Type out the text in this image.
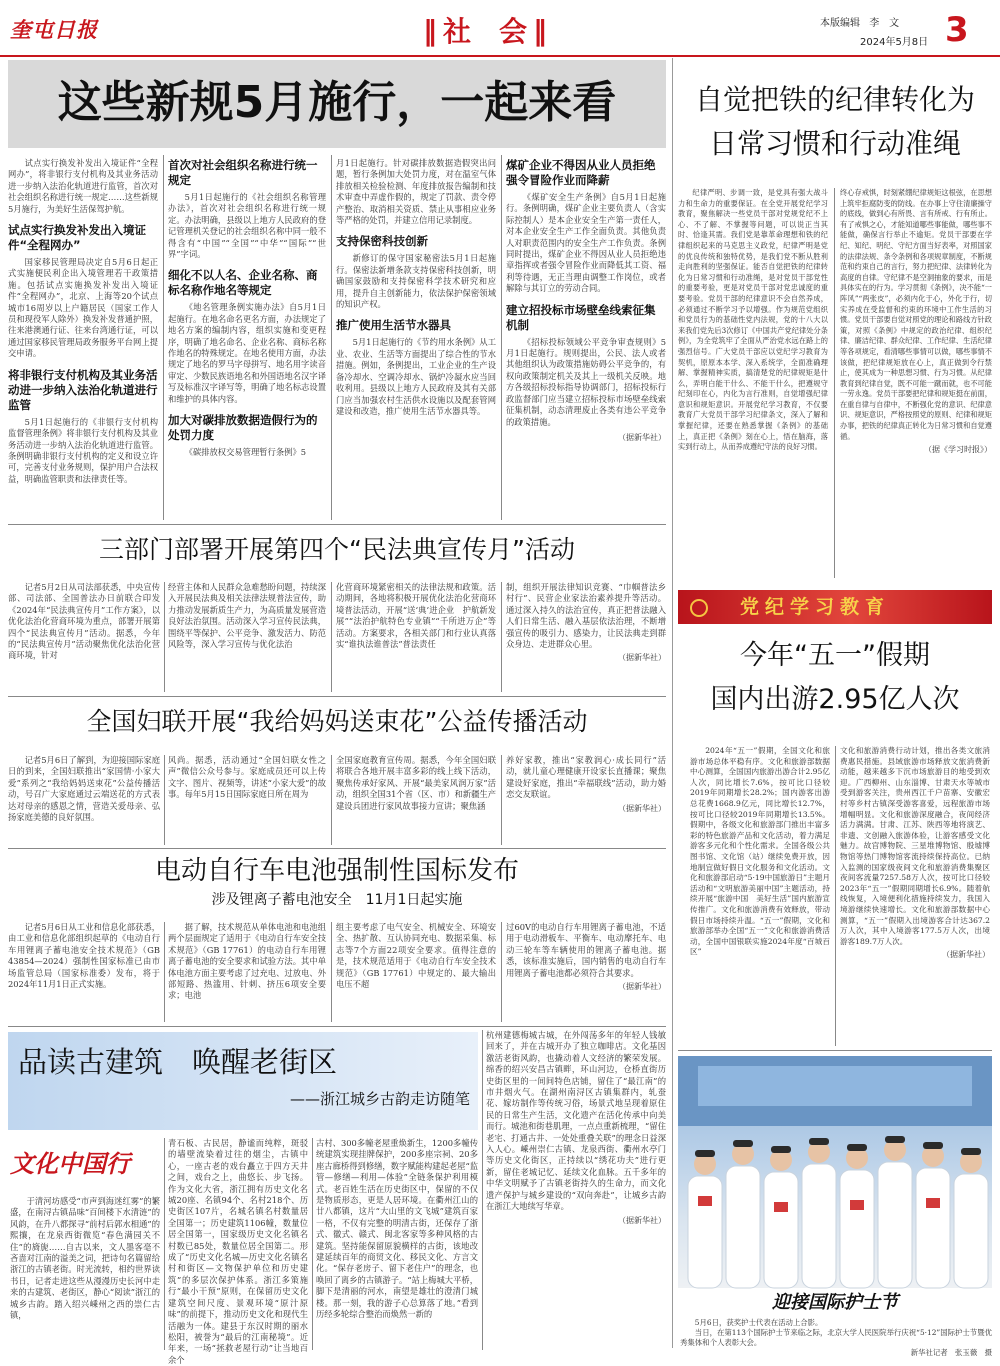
奎屯日报	‖ 社　会 ‖	本版编辑 李　文
2024年5月8日 3
这些新规5月施行，一起来看

试点实行换发补发出入境证件“全程网办”，将非银行支付机构及其业务活动进一步纳入法治化轨道进行监管，首次对社会组织名称进行统一规定……这些新规5月施行，为美好生活保驾护航。

试点实行换发补发出入境证件“全程网办”

国家移民管理局决定自5月6日起正式实施便民利企出入境管理若干政策措施。包括试点实施换发补发出入境证件“全程网办”，北京、上海等20个试点城市16周岁以上户籍居民（国家工作人员和现役军人除外）换发补发普通护照，往来港澳通行证、往来台湾通行证，可以通过国家移民管理局政务服务平台网上提交申请。

将非银行支付机构及其业务活动进一步纳入法治化轨道进行监管

5月1日起施行的《非银行支付机构监督管理条例》将非银行支付机构及其业务活动进一步纳入法治化轨道进行监管。条例明确非银行支付机构的定义和设立许可，完善支付业务规则，保护用户合法权益，明确监管职责和法律责任等。

首次对社会组织名称进行统一规定

5月1日起施行的《社会组织名称管理办法》，首次对社会组织名称进行统一规定。办法明确，县级以上地方人民政府的登记管理机关登记的社会组织名称中同一般不得含有“中国”“全国”“中华”“国际”“世界”字词。

细化不以人名、企业名称、商标名称作地名等规定

《地名管理条例实施办法》自5月1日起施行。在地名命名更名方面，办法规定了地名方案的编制内容，组织实施和变更程序，明确了地名命名、企业名称、商标名称作地名的特殊规定。在地名使用方面，办法规定了地名的罗马字母拼写、地名用字读音审定、少数民族语地名和外国语地名汉字译写及标准汉字译写等，明确了地名标志设置和维护的具体内容。

加大对碳排放数据造假行为的处罚力度

《碳排放权交易管理暂行条例》5

月1日起施行。针对碳排放数据造假突出问题，暂行条例加大处罚力度，对在温室气体排放相关检验检测、年度排放报告编制和技术审查中弄虚作假的，规定了罚款、责令停产整治、取消相关资质、禁止从事相应业务等严格的处罚，并建立信用记录制度。

支持保密科技创新

新修订的保守国家秘密法5月1日起施行。保密法新增条款支持保密科技创新，明确国家鼓励和支持保密科学技术研究和应用，提升自主创新能力，依法保护保密领域的知识产权。

推广使用生活节水器具

5月1日起施行的《节约用水条例》从工业、农业、生活等方面提出了综合性的节水措施。例如，条例提出，工业企业的生产设备冷却水、空调冷却水、锅炉冷凝水应当回收利用。县级以上地方人民政府及其有关部门应当加强农村生活供水设施以及配套管网建设和改造，推广使用生活节水器具等。

煤矿企业不得因从业人员拒绝强令冒险作业而降薪

《煤矿安全生产条例》自5月1日起施行。条例明确，煤矿企业主要负责人（含实际控制人）是本企业安全生产第一责任人，对本企业安全生产工作全面负责。其他负责人对职责范围内的安全生产工作负责。条例同时提出，煤矿企业不得因从业人员拒绝违章指挥或者强令冒险作业而降低其工资、福利等待遇，无正当理由调整工作岗位，或者解除与其订立的劳动合同。

建立招投标市场壁垒线索征集机制

《招标投标领域公平竞争审查规则》5月1日起施行。规则提出，公民、法人或者其他组织认为政策措施妨碍公平竞争的，有权向政策制定机关及其上一级机关反映。地方各级招标投标指导协调部门，招标投标行政监督部门应当建立招标投标市场壁垒线索征集机制，动态清理废止各类有违公平竞争的政策措施。

（据新华社）

自觉把铁的纪律转化为
日常习惯和行动准绳

纪律严明、步调一致，是党具有强大战斗力和生命力的重要保证。在全党开展党纪学习教育，聚焦解决一些党员干部对党规党纪不上心、不了解、不掌握等问题，可以说正当其时、恰逢其需。我们党是靠革命理想和铁的纪律组织起来的马克思主义政党，纪律严明是党的优良传统和独特优势，是我们党不断从胜利走向胜利的坚强保证。能否自觉把铁的纪律转化为日常习惯和行动准绳，是对党员干部党性的重要考验，更是对党员干部对党忠诚度的重要考验。党员干部的纪律意识不会自然养成，必须通过不断学习予以增强。作为规范党组织和党员行为的基础性党内法规，党的十八大以来我们党先后3次修订《中国共产党纪律处分条例》，为全党筑牢了全面从严治党水远在路上的强烈信号。广大党员干部应以党纪学习教育为契机，原原本本学、深入系统学，全面准确理解、掌握精神实质，搞清楚党的纪律规矩是什么，弄明白能干什么、不能干什么，把遵规守纪刻印在心，内化为言行准则，自觉增强纪律意识和规矩意识。开展党纪学习教育，不仅要教育广大党员干部学习纪律条文，深入了解和掌握纪律，还要在熟悉掌握《条例》的基础上，真正把《条例》刻在心上，悟在脑海，落实到行动上，从而养成遵纪守法的良好习惯。

终心存戒惧，时刻紧绷纪律规矩这根弦，在思想上筑牢拒腐防变的防线。在办事上守住清廉操守的底线，做到心有所畏、言有所戒、行有所止。有了戒惧之心，才能知道哪些事能做，哪些事不能做，确保言行举止不逾矩。党员干部要在学纪、知纪、明纪、守纪方面当好表率，对照国家的法律法规、条令条例和各项规章制度，不断规范和约束自己的言行，努力把纪律、法律转化为高度的自律。守纪律不是空洞抽象的要求，而是具体实在的行为。学习贯彻《条例》，决不能“一阵风”“两张皮”，必须内化于心，外化于行，切实养成在受监督和约束的环境中工作生活的习惯。党员干部要自觉对照党的理论和路线方针政策，对照《条例》中规定的政治纪律、组织纪律、廉洁纪律、群众纪律、工作纪律、生活纪律等各项规定，看清哪些事情可以做，哪些事情不该做，把纪律规矩放在心上，真正做到令行禁止，使其成为一种思想习惯、行为习惯。从纪律教育到纪律自觉，既不可能一蹴而就，也不可能一劳永逸。党员干部要把纪律和规矩挺在前面，在重自律与自律中，不断强化党的意识、纪律意识、规矩意识，严格按照党的原则、纪律和规矩办事，把铁的纪律真正转化为日常习惯和自觉遵循。

（据《学习时报》）

党纪学习教育
今年“五一”假期
国内出游2.95亿人次

2024年“五一”假期，全国文化和旅游市场总体平稳有序。文化和旅游部数据中心测算，全国国内旅游出游合计2.95亿人次，同比增长7.6%，按可比口径较2019年同期增长28.2%；国内游客出游总花费1668.9亿元，同比增长12.7%，按可比口径较2019年同期增长13.5%。假期中，各级文化和旅游部门推出丰富多彩的特色旅游产品和文化活动，着力满足游客多元化和个性化需求。全国各级公共图书馆、文化馆（站）继续免费开放，因地制宜做好假日文化服务和文化活动。文化和旅游部启动“5·19中国旅游日”主题月活动和“文明旅游美丽中国”主题活动，持续开展“旅游中国　美好生活”国内旅游宣传推广。文化和旅游消费有效释放，带动假日市场持续升温。“五一”假期，文化和旅游部举办全国“五一”文化和旅游消费活动，全国中国银联实施2024年度“百城百区”

文化和旅游消费行动计划，推出各类文旅消费惠民措施。县域旅游市场释放文旅消费新动能，越来越多下沉市场旅游目的地受到欢迎。广西柳州、山东淄博、甘肃天水等城市受到游客关注，贵州西江千户苗寨、安徽宏村等乡村古镇深受游客喜爱，远程旅游市场增幅明显。文化和旅游深度融合，夜间经济活力满满。甘肃、江苏、陕西等地将演艺、非遗、文创融入旅游体验，让游客感受文化魅力。故宫博物院、三星堆博物馆、殷墟博物馆等热门博物馆客流持续保持高位。已纳入监测的国家级夜间文化和旅游消费集聚区夜间客流量7257.58万人次，按可比口径较2023年“五一”假期同期增长6.9%。随着航线恢复，入境便利化措施持续发力，我国入境游继续快速增长。文化和旅游部数据中心测算，“五一”假期入出境游客合计达367.2万人次，其中入境游客177.5万人次，出境游客189.7万人次。

（据新华社）

三部门部署开展第四个“民法典宣传月”活动

记者5月2日从司法部获悉，中央宣传部、司法部、全国普法办日前联合印发《2024年“民法典宣传月”工作方案》，以优化法治化营商环境为重点，部署开展第四个“民法典宣传月”活动。据悉，今年的“民法典宣传月”活动聚焦优化法治化营商环境，针对

经营主体和人民群众急难愁盼问题，持续深入开展民法典及相关法律法规普法宣传，助力推动发展新质生产力，为高质量发展营造良好法治氛围。活动深入学习宣传民法典，围绕平等保护、公平竞争、激发活力、防范风险等，深入学习宣传与优化法治

化营商环境紧密相关的法律法规和政策。活动期间，各地将积极开展优化法治化营商环境普法活动，开展“送‘典’进企业　护航新发展”“法治护航特色专业镇”“千所进万企”等活动。方案要求，各相关部门和行业认真落实“谁执法谁普法”普法责任

制，组织开展法律知识竞赛、“巾帼普法乡村行”、民营企业家法治素养提升等活动。通过深入持久的法治宣传，真正把普法融入人们日常生活、融入基层依法治理，不断增强宣传的吸引力、感染力，让民法典走到群众身边、走进群众心里。

（据新华社）

全国妇联开展“我给妈妈送束花”公益传播活动

记者5月6日了解到，为迎接国际家庭日的到来，全国妇联推出“家国情·小家大爱”系列之“我给妈妈送束花”公益传播活动，号召广大家庭通过云端送花的方式表达对母亲的感恩之情，营造关爱母亲、弘扬家庭美德的良好氛围。

风尚。据悉，活动通过“全国妇联女性之声”微信公众号参与。家庭成员还可以上传文字、图片、视频等，讲述“小家大爱”的故事。每年5月15日国际家庭日所在周为

全国家庭教育宣传周。据悉，今年全国妇联将联合各地开展丰富多彩的线上线下活动，聚焦传承好家风、开展“最美家风润万家”活动，组织全国31个省（区、市）和新疆生产建设兵团进行家风故事接力宣讲；聚焦涵

养好家教，推出“家教润心·成长同行”活动，就儿童心理健康开设家长直播课；聚焦建设好家庭，推出“幸福联线”活动，助力婚恋交友联谊。

（据新华社）

电动自行车电池强制性国标发布
涉及锂离子蓄电池安全　11月1日起实施

记者5月6日从工业和信息化部获悉，由工业和信息化部组织起草的《电动自行车用锂离子蓄电池安全技术规范》（GB 43854—2024）强制性国家标准已由市场监管总局（国家标准委）发布，将于2024年11月1日正式实施。

据了解，技术规范从单体电池和电池组两个层面规定了适用于《电动自行车安全技术规范》（GB 17761）的电动自行车用锂离子蓄电池的安全要求和试验方法。其中单体电池方面主要考虑了过充电、过放电、外部短路、热滥用、针刺、挤压6项安全要求；电池

组主要考虑了电气安全、机械安全、环境安全、热扩散、互认协同充电、数据采集、标志等7个方面22项安全要求。值得注意的是，技术规范适用于《电动自行车安全技术规范》（GB 17761）中规定的、最大输出电压不超

过60V的电动自行车用锂离子蓄电池，不适用于电动滑板车、平衡车、电动摩托车、电动三轮车等车辆使用的锂离子蓄电池。据悉，该标准实施后，国内销售的电动自行车用锂离子蓄电池都必须符合其要求。

（据新华社）

品读古建筑　唤醒老街区
——浙江城乡古韵走访随笔
文化中国行

于清河坊感受“市声到海迷红雾”的繁盛，在南浔古镇品味“百间楼下水清涟”的风韵，在升八都探寻“前村后郭水相通”的熙攘，在龙泉西街微览“春色满园关不住”的旖旎……自古以来，文人墨客毫不吝啬对江南的溢美之词，把诗句名篇留给浙江的古镇老街。时光流转，相约世界读书日，记者走进这些从漫漫历史长河中走来的古建筑、老街区，静心“阅读”浙江的城乡古韵。踏入绍兴嵊州之西的崇仁古镇，

青石板、古民居，静谧而纯粹，斑驳的墙壁流染着过往的烟尘，古镇中心，一座古老的戏台矗立于四方天井之间，戏台之上，曲悠长、步飞扬。作为文化大省，浙江拥有历史文化名城20座、名镇94个、名村218个、历史街区107片，名城名镇名村数量居全国第一；历史建筑1106幢，数量位居全国第一，国家级历史文化名镇名村数已85处，数量位居全国第二。形成了“历史文化名城—历史文化名镇名村和街区—文物保护单位和历史建筑”的多层次保护体系。浙江多策施行“最小干预”原则，在保留历史文化建筑空间尺度、景观环境“原汁原味”的前提下，推动历史文化和现代生活融为一体。建县于东汉时期的丽水松阳，被誉为“最后的江南秘境”。近年来，一场“拯救老屋行动”让当地百余个

古村、300多幢老屋重焕新生，1200多幢传统建筑实现挂牌保护，200多座宗祠、20多座古廊桥得到修缮，数字赋能构建起老屋“监管—修缮—利用—体验”全链条保护利用模式。老百姓生活在历史街区中，保留的不仅是物质形态，更是人居环境。在衢州江山的廿八都镇，这片“大山里的文飞城”建筑百家一格，不仅有完整的明清古街，还保存了浙式、徽式、赣式、闽北客家等多种风格的古建筑。坚持能保留原貌横样的古街，该地改建延续百年的商贸文化、移民文化、方言文化。“保存老房子、留下老住户”的理念，也唤回了离乡的古镇游子。“站上梅城大平桥，脚下是清丽的河水，南望是雄壮的澄清门城楼。那一刻，我的游子心总算落了地。”看到历经多轮综合整治而焕然一新的

杭州建德梅城古城，在外闯荡多年的年轻人钱敏回来了，并在古城开办了独立咖啡店。文化基因激活老街风韵，也撬动着人文经济的繁荣发展。绵香的绍兴安昌古镇畔，环山河边，仓桥直街历史街区里的一间间特色店铺，留住了“最江南”的市井烟火气。在湖州南浔区古镇集群内，轧蚕花、嫁坊制作等传统习俗，场景式地呈现着原住民的日常生产生活，文化遗产在活化传承中向美而行。城池和街巷肌理，一点点重新梳理，“留住老宅、打通古井、一处处重叠关联”的理念日益深入人心。嵊州崇仁古镇、龙泉西街、衢州水亭门等历史文化街区，正持续以“绣花功夫”进行更新，留住老城记忆、延续文化血脉。五千多年的中华文明赋予了古镇老街持久的生命力，而文化遗产保护与城乡建设的“双向奔赴”，让城乡古韵在浙江大地续写华章。

（据新华社）

迎接国际护士节

5月6日，获奖护士代表在活动上合影。

当日，在第113个国际护士节来临之际，北京大学人民医院举行庆祝“5·12”国际护士节暨优秀集体和个人表彰大会。

新华社记者　张玉薇　摄
